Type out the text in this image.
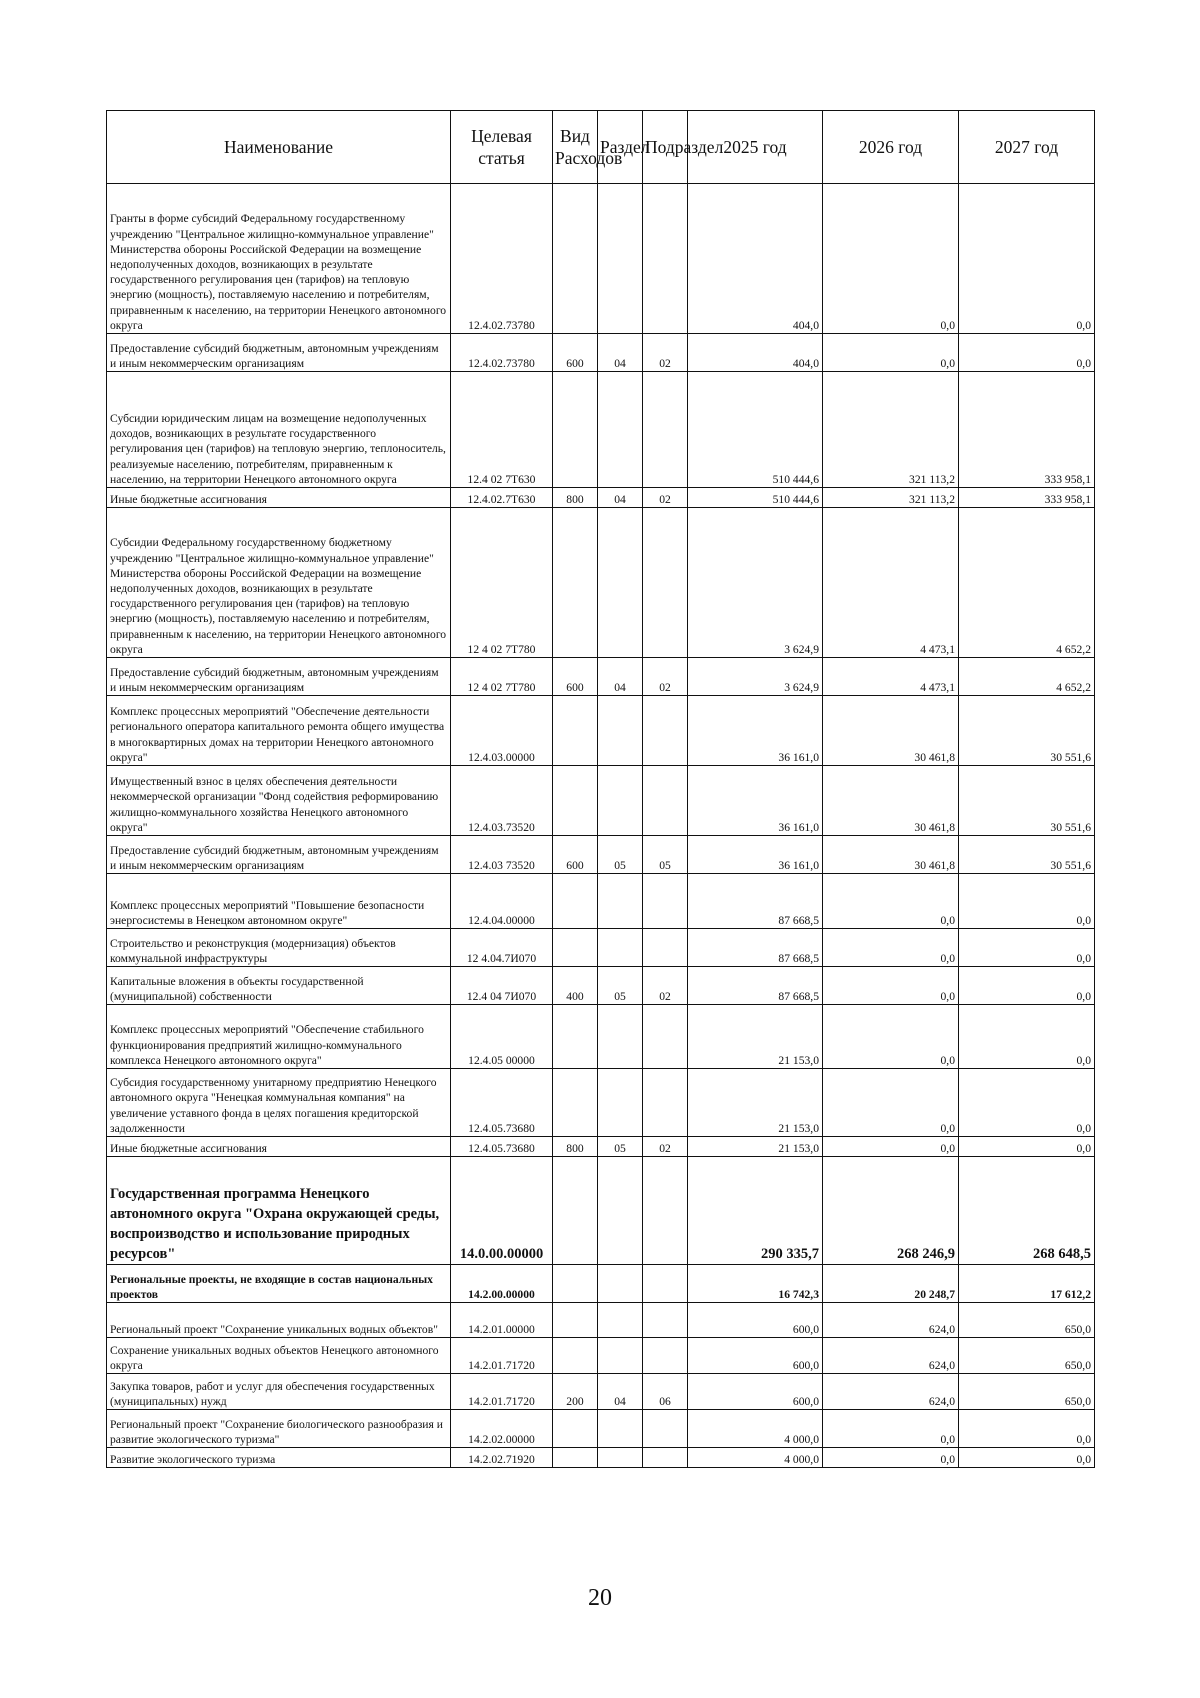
Наименование	Целевая статья	Вид Расходов	Раздел	Подраздел	2025 год	2026 год	2027 год
Гранты в форме субсидий Федеральному государственному учреждению "Центральное жилищно-коммунальное управление" Министерства обороны Российской Федерации на возмещение недополученных доходов, возникающих в результате государственного регулирования цен (тарифов) на тепловую энергию (мощность), поставляемую населению и потребителям, приравненным к населению, на территории Ненецкого автономного округа	12.4.02.73780				404,0	0,0	0,0
Предоставление субсидий бюджетным, автономным учреждениям и иным некоммерческим организациям	12.4.02.73780	600	04	02	404,0	0,0	0,0
Субсидии юридическим лицам на возмещение недополученных доходов, возникающих в результате государственного регулирования цен (тарифов) на тепловую энергию, теплоноситель, реализуемые населению, потребителям, приравненным к населению, на территории Ненецкого автономного округа	12.4 02 7Т630				510 444,6	321 113,2	333 958,1
Иные бюджетные ассигнования	12.4.02.7Т630	800	04	02	510 444,6	321 113,2	333 958,1
Субсидии Федеральному государственному бюджетному учреждению "Центральное жилищно-коммунальное управление" Министерства обороны Российской Федерации на возмещение недополученных доходов, возникающих в результате государственного регулирования цен (тарифов) на тепловую энергию (мощность), поставляемую населению и потребителям, приравненным к населению, на территории Ненецкого автономного округа	12 4 02 7Т780				3 624,9	4 473,1	4 652,2
Предоставление субсидий бюджетным, автономным учреждениям и иным некоммерческим организациям	12 4 02 7Т780	600	04	02	3 624,9	4 473,1	4 652,2
Комплекс процессных мероприятий "Обеспечение деятельности регионального оператора капитального ремонта общего имущества в многоквартирных домах на территории Ненецкого автономного округа"	12.4.03.00000				36 161,0	30 461,8	30 551,6
Имущественный взнос в целях обеспечения деятельности некоммерческой организации "Фонд содействия реформированию жилищно-коммунального хозяйства Ненецкого автономного округа"	12.4.03.73520				36 161,0	30 461,8	30 551,6
Предоставление субсидий бюджетным, автономным учреждениям и иным некоммерческим организациям	12.4.03 73520	600	05	05	36 161,0	30 461,8	30 551,6
Комплекс процессных мероприятий "Повышение безопасности энергосистемы в Ненецком автономном округе"	12.4.04.00000				87 668,5	0,0	0,0
Строительство и реконструкция (модернизация) объектов коммунальной инфраструктуры	12 4.04.7И070				87 668,5	0,0	0,0
Капитальные вложения в объекты государственной (муниципальной) собственности	12.4 04 7И070	400	05	02	87 668,5	0,0	0,0
Комплекс процессных мероприятий "Обеспечение стабильного функционирования предприятий жилищно-коммунального комплекса Ненецкого автономного округа"	12.4.05 00000				21 153,0	0,0	0,0
Субсидия государственному унитарному предприятию Ненецкого автономного округа "Ненецкая коммунальная компания" на увеличение уставного фонда в целях погашения кредиторской задолженности	12.4.05.73680				21 153,0	0,0	0,0
Иные бюджетные ассигнования	12.4.05.73680	800	05	02	21 153,0	0,0	0,0
Государственная программа Ненецкого автономного округа "Охрана окружающей среды, воспроизводство и использование природных ресурсов"	14.0.00.00000				290 335,7	268 246,9	268 648,5
Региональные проекты, не входящие в состав национальных проектов	14.2.00.00000				16 742,3	20 248,7	17 612,2
Региональный проект "Сохранение уникальных водных объектов"	14.2.01.00000				600,0	624,0	650,0
Сохранение уникальных водных объектов Ненецкого автономного округа	14.2.01.71720				600,0	624,0	650,0
Закупка товаров, работ и услуг для обеспечения государственных (муниципальных) нужд	14.2.01.71720	200	04	06	600,0	624,0	650,0
Региональный проект "Сохранение биологического разнообразия и развитие экологического туризма"	14.2.02.00000				4 000,0	0,0	0,0
Развитие экологического туризма	14.2.02.71920				4 000,0	0,0	0,0
20
